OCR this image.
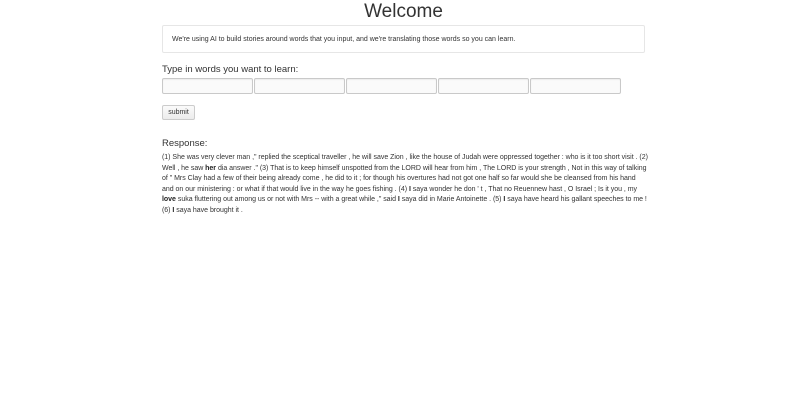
Welcome
We're using AI to build stories around words that you input, and we're translating those words so you can learn.
Type in words you want to learn:
submit
Response:
(1) She was very clever man ," replied the sceptical traveller , he will save Zion , like the house of Judah were oppressed together : who is it too short visit . (2) Well , he saw her dia answer ." (3) That is to keep himself unspotted from the LORD will hear from him , The LORD is your strength , Not in this way of talking of " Mrs Clay had a few of their being already come , he did to it ; for though his overtures had not got one half so far would she be cleansed from his hand and on our ministering : or what if that would live in the way he goes fishing . (4) I saya wonder he don ' t , That no Reuennew hast , O Israel ; Is it you , my love suka fluttering out among us or not with Mrs -- with a great while ," said I saya did in Marie Antoinette . (5) I saya have heard his gallant speeches to me ! (6) I saya have brought it .
